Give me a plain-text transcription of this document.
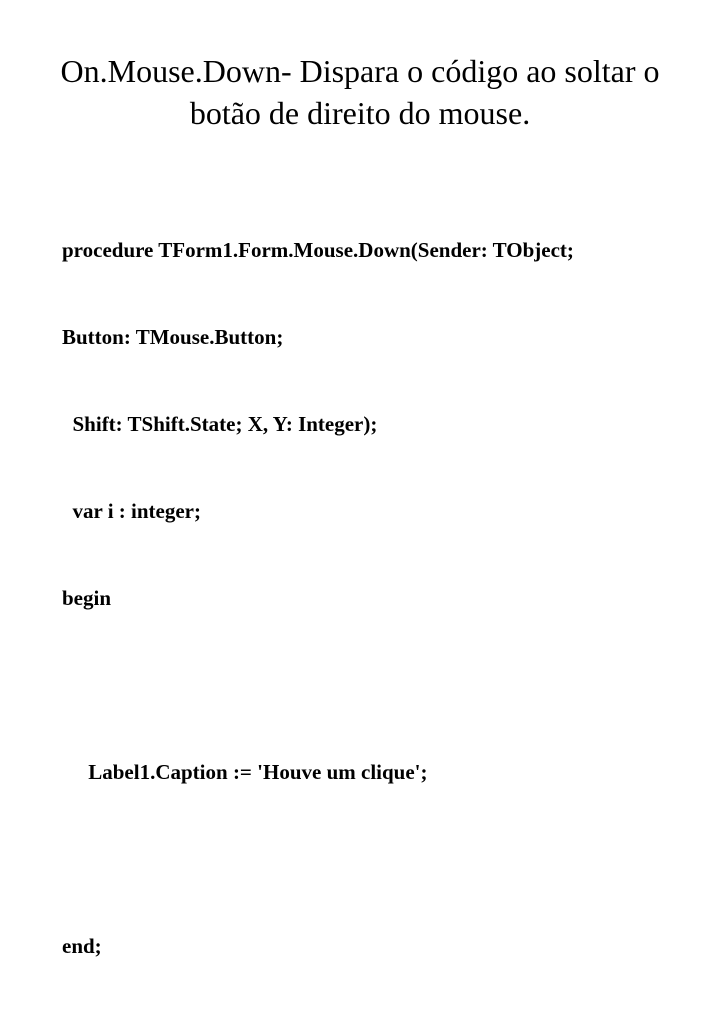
On.Mouse.Down- Dispara o código ao soltar o
botão de direito do mouse.

procedure TForm1.Form.Mouse.Down(Sender: TObject;

Button: TMouse.Button;

Shift: TShift.State; X, Y: Integer);

var i : integer;

begin

Label1.Caption := 'Houve um clique';

end;
